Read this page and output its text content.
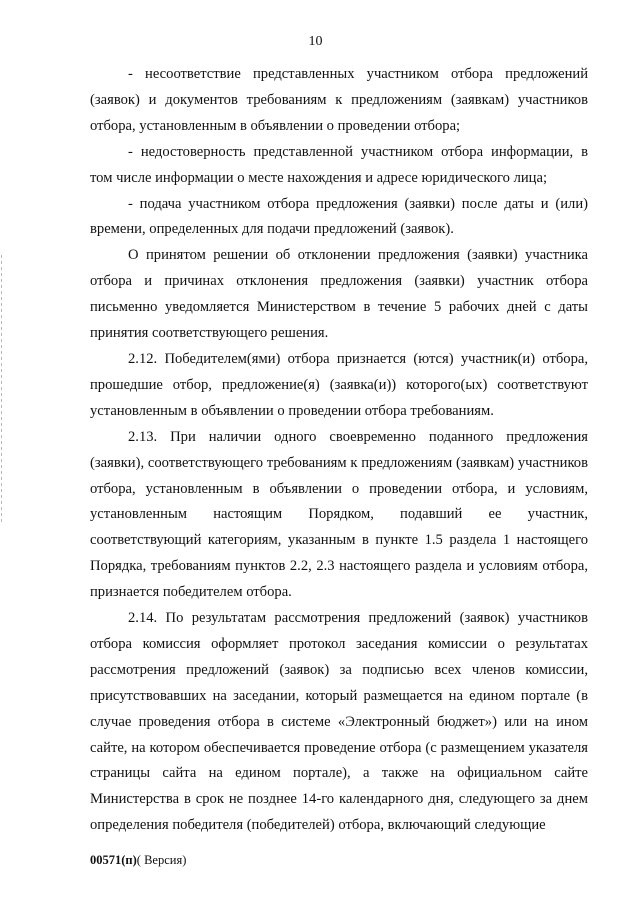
10

- несоответствие представленных участником отбора предложений (заявок) и документов требованиям к предложениям (заявкам) участников отбора, установленным в объявлении о проведении отбора;

- недостоверность представленной участником отбора информации, в том числе информации о месте нахождения и адресе юридического лица;

- подача участником отбора предложения (заявки) после даты и (или) времени, определенных для подачи предложений (заявок).

О принятом решении об отклонении предложения (заявки) участника отбора и причинах отклонения предложения (заявки) участник отбора письменно уведомляется Министерством в течение 5 рабочих дней с даты принятия соответствующего решения.

2.12. Победителем(ями) отбора признается (ются) участник(и) отбора, прошедшие отбор, предложение(я) (заявка(и)) которого(ых) соответствуют установленным в объявлении о проведении отбора требованиям.

2.13. При наличии одного своевременно поданного предложения (заявки), соответствующего требованиям к предложениям (заявкам) участников отбора, установленным в объявлении о проведении отбора, и условиям, установленным настоящим Порядком, подавший ее участник, соответствующий категориям, указанным в пункте 1.5 раздела 1 настоящего Порядка, требованиям пунктов 2.2, 2.3 настоящего раздела и условиям отбора, признается победителем отбора.

2.14. По результатам рассмотрения предложений (заявок) участников отбора комиссия оформляет протокол заседания комиссии о результатах рассмотрения предложений (заявок) за подписью всех членов комиссии, присутствовавших на заседании, который размещается на едином портале (в случае проведения отбора в системе «Электронный бюджет») или на ином сайте, на котором обеспечивается проведение отбора (с размещением указателя страницы сайта на едином портале), а также на официальном сайте Министерства в срок не позднее 14-го календарного дня, следующего за днем определения победителя (победителей) отбора, включающий следующие

00571(п)( Версия)
